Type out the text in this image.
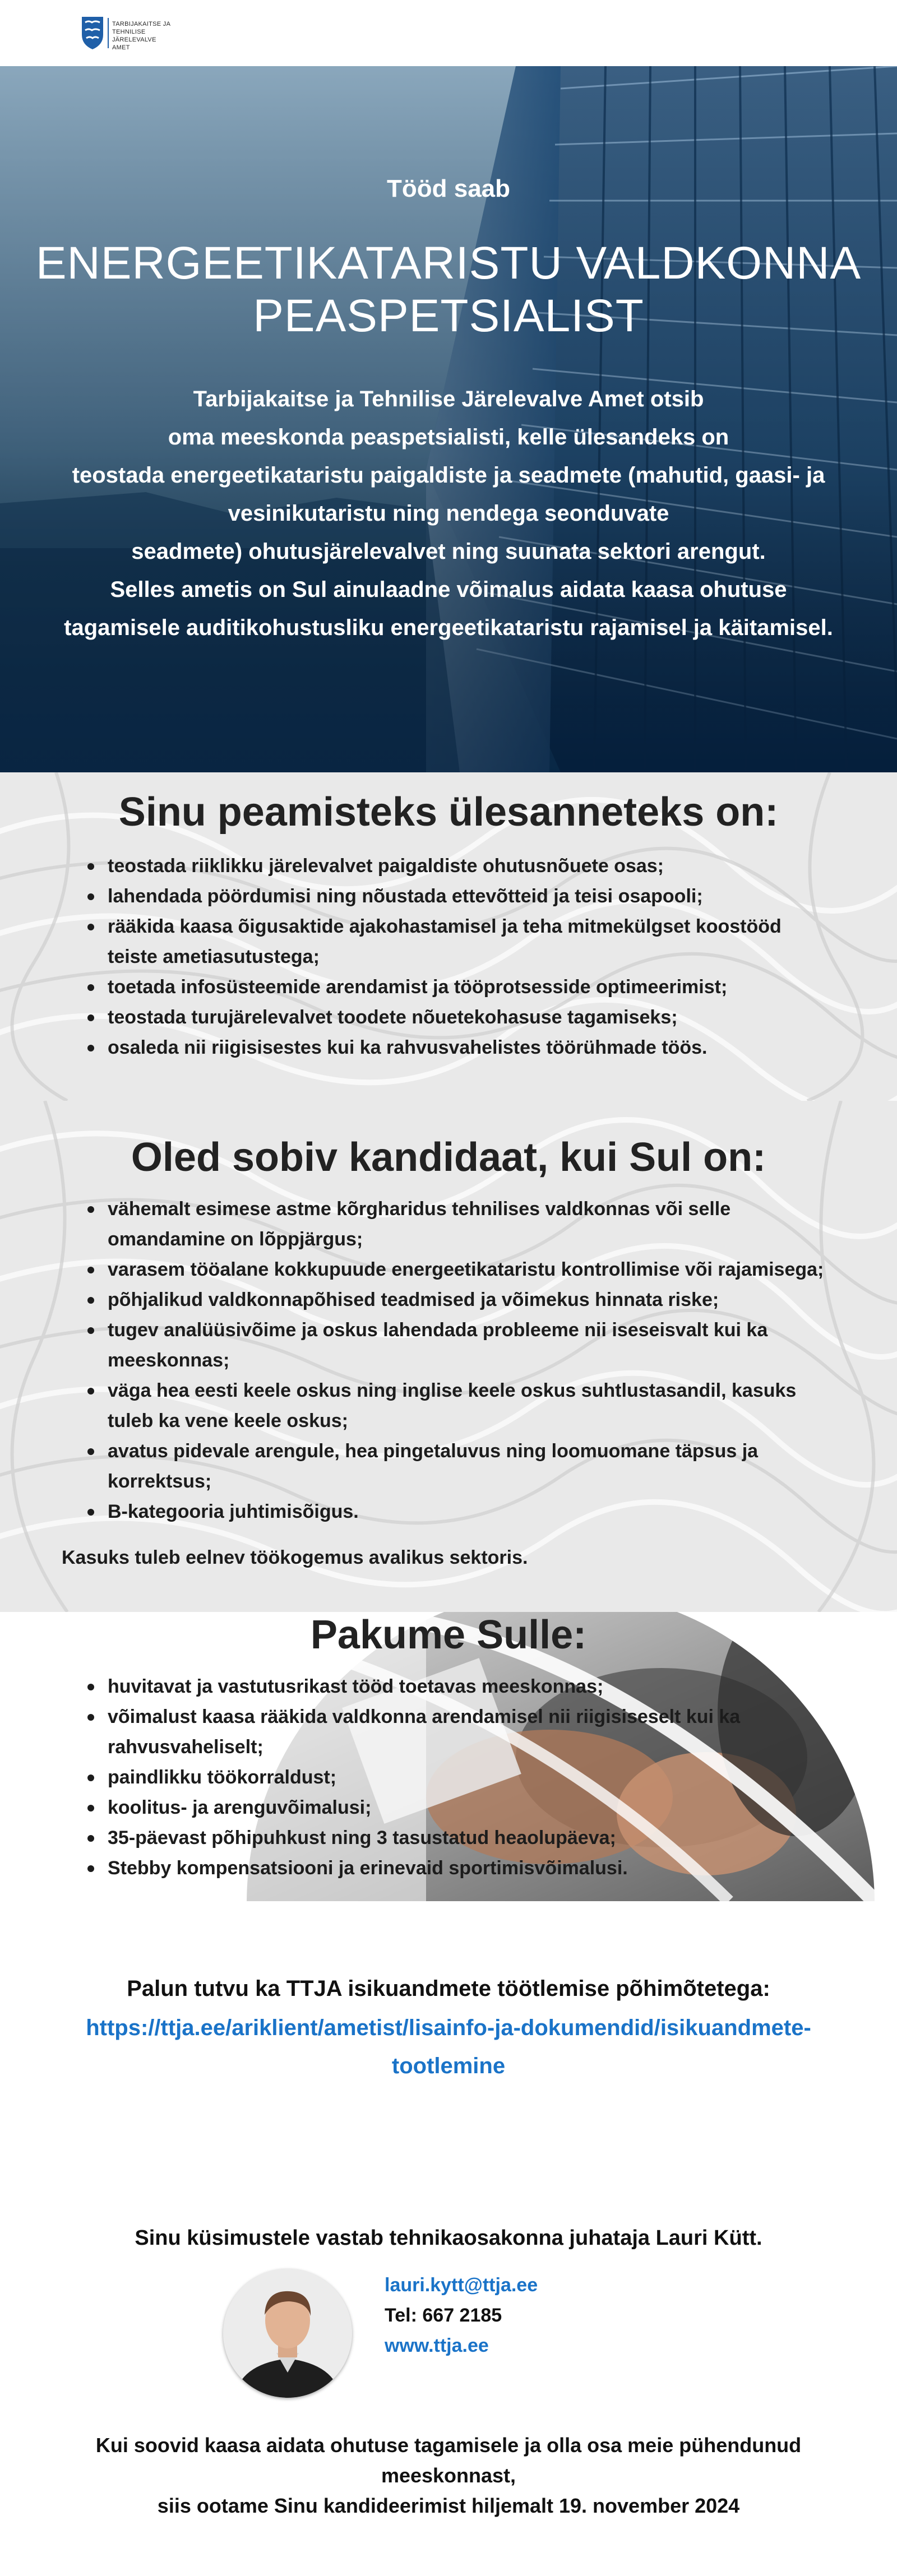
TARBIJAKAITSE JA
TEHNILISE JÄRELEVALVE
AMET
Tööd saab
ENERGEETIKATARISTU VALDKONNA
PEASPETSIALIST
Tarbijakaitse ja Tehnilise Järelevalve Amet otsib
oma meeskonda peaspetsialisti, kelle ülesandeks on
teostada energeetikataristu paigaldiste ja seadmete (mahutid, gaasi- ja
vesinikutaristu ning nendega seonduvate
seadmete) ohutusjärelevalvet ning suunata sektori arengut.
Selles ametis on Sul ainulaadne võimalus aidata kaasa ohutuse
tagamisele auditikohustusliku energeetikataristu rajamisel ja käitamisel.
Sinu peamisteks ülesanneteks on:
teostada riiklikku järelevalvet paigaldiste ohutusnõuete osas;
lahendada pöördumisi ning nõustada ettevõtteid ja teisi osapooli;
rääkida kaasa õigusaktide ajakohastamisel ja teha mitmekülgset koostööd teiste ametiasutustega;
toetada infosüsteemide arendamist ja tööprotsesside optimeerimist;
teostada turujärelevalvet toodete nõuetekohasuse tagamiseks;
osaleda nii riigisisestes kui ka rahvusvahelistes töörühmade töös.
Oled sobiv kandidaat, kui Sul on:
vähemalt esimese astme kõrgharidus tehnilises valdkonnas või selle omandamine on lõppjärgus;
varasem tööalane kokkupuude energeetikataristu kontrollimise või rajamisega;
põhjalikud valdkonnapõhised teadmised ja võimekus hinnata riske;
tugev analüüsivõime ja oskus lahendada probleeme nii iseseisvalt kui ka meeskonnas;
väga hea eesti keele oskus ning inglise keele oskus suhtlustasandil, kasuks tuleb ka vene keele oskus;
avatus pidevale arengule, hea pingetaluvus ning loomuomane täpsus ja korrektsus;
B-kategooria juhtimisõigus.
Kasuks tuleb eelnev töökogemus avalikus sektoris.
Pakume Sulle:
huvitavat ja vastutusrikast tööd toetavas meeskonnas;
võimalust kaasa rääkida valdkonna arendamisel nii riigisiseselt kui ka rahvusvaheliselt;
paindlikku töökorraldust;
koolitus- ja arenguvõimalusi;
35-päevast põhipuhkust ning 3 tasustatud heaolupäeva;
Stebby kompensatsiooni ja erinevaid sportimisvõimalusi.
Palun tutvu ka TTJA isikuandmete töötlemise põhimõtetega:
https://ttja.ee/ariklient/ametist/lisainfo-ja-dokumendid/isikuandmete-
tootlemine
Sinu küsimustele vastab tehnikaosakonna juhataja Lauri Kütt.
lauri.kytt@ttja.ee
Tel: 667 2185
www.ttja.ee
Kui soovid kaasa aidata ohutuse tagamisele ja olla osa meie pühendunud
meeskonnast,
siis ootame Sinu kandideerimist hiljemalt 19. november 2024
